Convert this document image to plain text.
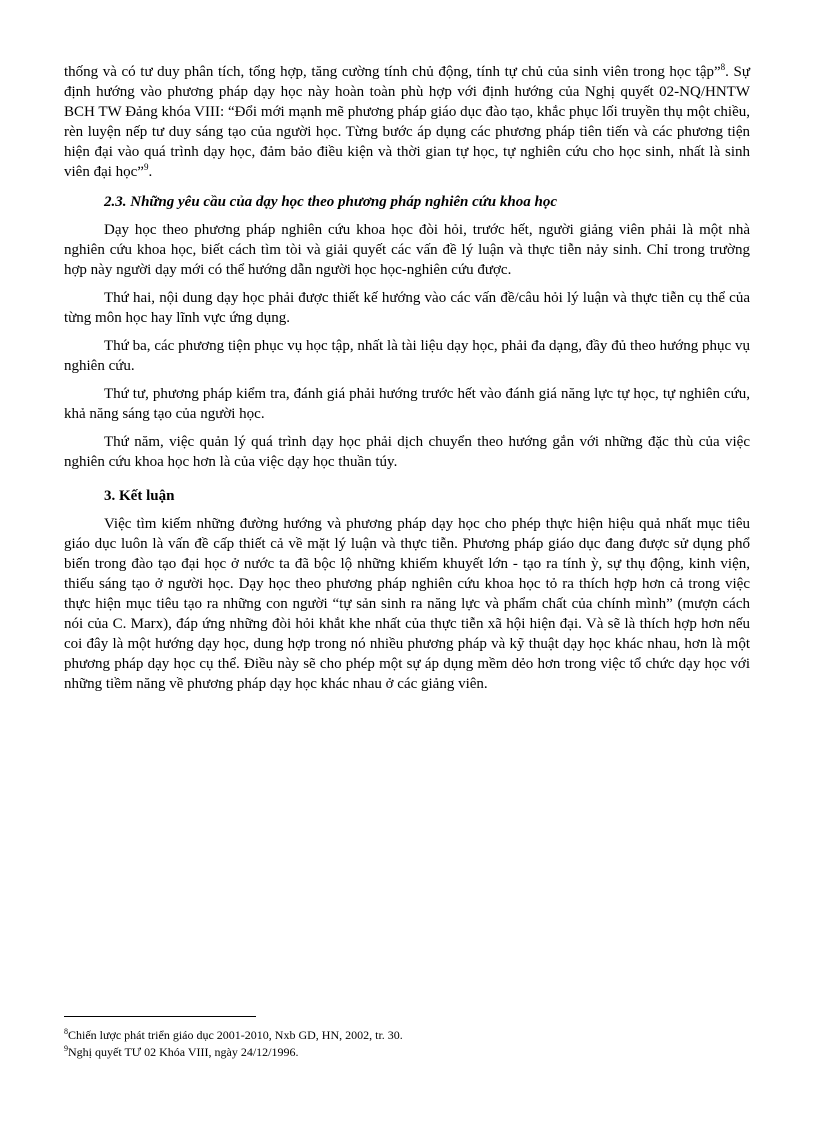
thống và có tư duy phân tích, tổng hợp, tăng cường tính chủ động, tính tự chủ của sinh viên trong học tập”$^8$. Sự định hướng vào phương pháp dạy học này hoàn toàn phù hợp với định hướng của Nghị quyết 02-NQ/HNTW BCH TW Đảng khóa VIII: “Đổi mới mạnh mẽ phương pháp giáo dục đào tạo, khắc phục lối truyền thụ một chiều, rèn luyện nếp tư duy sáng tạo của người học. Từng bước áp dụng các phương pháp tiên tiến và các phương tiện hiện đại vào quá trình dạy học, đảm bảo điều kiện và thời gian tự học, tự nghiên cứu cho học sinh, nhất là sinh viên đại học”$^9$.

2.3. Những yêu cầu của dạy học theo phương pháp nghiên cứu khoa học

Dạy học theo phương pháp nghiên cứu khoa học đòi hỏi, trước hết, người giảng viên phải là một nhà nghiên cứu khoa học, biết cách tìm tòi và giải quyết các vấn đề lý luận và thực tiễn nảy sinh. Chỉ trong trường hợp này người dạy mới có thể hướng dẫn người học học-nghiên cứu được.

Thứ hai, nội dung dạy học phải được thiết kế hướng vào các vấn đề/câu hỏi lý luận và thực tiễn cụ thể của từng môn học hay lĩnh vực ứng dụng.

Thứ ba, các phương tiện phục vụ học tập, nhất là tài liệu dạy học, phải đa dạng, đầy đủ theo hướng phục vụ nghiên cứu.

Thứ tư, phương pháp kiểm tra, đánh giá phải hướng trước hết vào đánh giá năng lực tự học, tự nghiên cứu, khả năng sáng tạo của người học.

Thứ năm, việc quản lý quá trình dạy học phải dịch chuyển theo hướng gắn với những đặc thù của việc nghiên cứu khoa học hơn là của việc dạy học thuần túy.

3. Kết luận

Việc tìm kiếm những đường hướng và phương pháp dạy học cho phép thực hiện hiệu quả nhất mục tiêu giáo dục luôn là vấn đề cấp thiết cả về mặt lý luận và thực tiễn. Phương pháp giáo dục đang được sử dụng phổ biến trong đào tạo đại học ở nước ta đã bộc lộ những khiếm khuyết lớn - tạo ra tính ỳ, sự thụ động, kinh viện, thiếu sáng tạo ở người học. Dạy học theo phương pháp nghiên cứu khoa học tỏ ra thích hợp hơn cả trong việc thực hiện mục tiêu tạo ra những con người “tự sản sinh ra năng lực và phẩm chất của chính mình” (mượn cách nói của C. Marx), đáp ứng những đòi hỏi khắt khe nhất của thực tiễn xã hội hiện đại. Và sẽ là thích hợp hơn nếu coi đây là một hướng dạy học, dung hợp trong nó nhiều phương pháp và kỹ thuật dạy học khác nhau, hơn là một phương pháp dạy học cụ thể. Điều này sẽ cho phép một sự áp dụng mềm dẻo hơn trong việc tổ chức dạy học với những tiềm năng về phương pháp dạy học khác nhau ở các giảng viên.

$^8$Chiến lược phát triển giáo dục 2001-2010, Nxb GD, HN, 2002, tr. 30.

$^9$Nghị quyết TƯ 02 Khóa VIII, ngày 24/12/1996.
